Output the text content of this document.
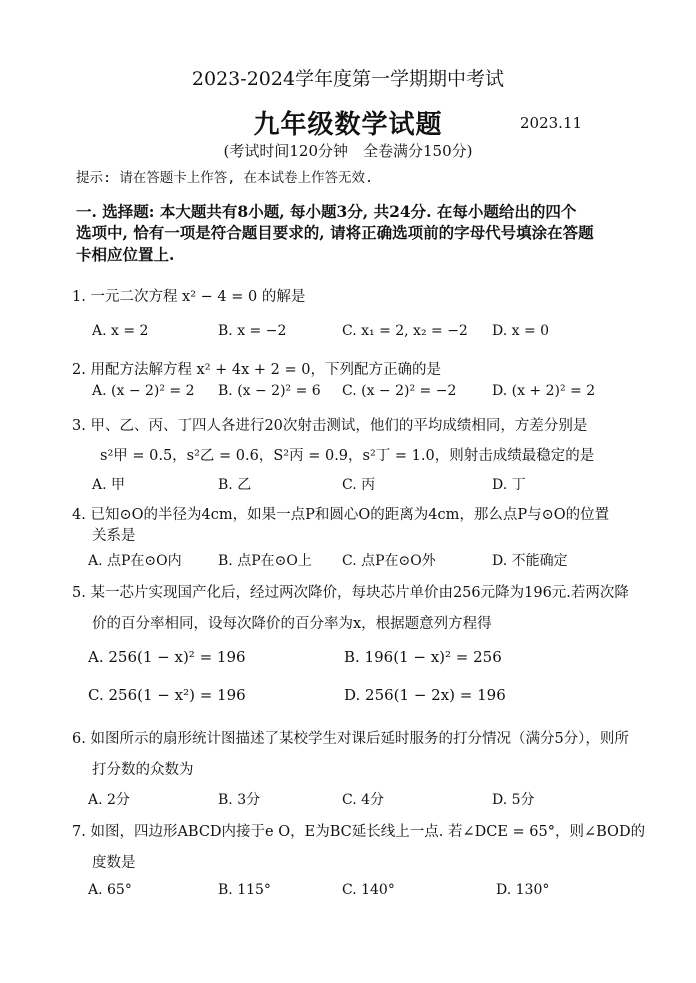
2023-2024学年度第一学期期中考试
九年级数学试题	2023.11
(考试时间120分钟　全卷满分150分)
提示: 请在答题卡上作答, 在本试卷上作答无效.
一. 选择题: 本大题共有8小题, 每小题3分, 共24分. 在每小题给出的四个
选项中, 恰有一项是符合题目要求的, 请将正确选项前的字母代号填涂在答题
卡相应位置上.
1. 一元二次方程 x² − 4 = 0 的解是
A. x = 2	B. x = −2	C. x₁ = 2, x₂ = −2 D. x = 0
2. 用配方法解方程 x² + 4x + 2 = 0，下列配方正确的是
A. (x − 2)² = 2 B. (x − 2)² = 6 C. (x − 2)² = −2	D. (x + 2)² = 2
3. 甲、乙、丙、丁四人各进行20次射击测试，他们的平均成绩相同，方差分别是
s²甲 = 0.5，s²乙 = 0.6，S²丙 = 0.9，s²丁 = 1.0，则射击成绩最稳定的是
A. 甲	B. 乙	C. 丙	D. 丁
4. 已知⊙O的半径为4cm，如果一点P和圆心O的距离为4cm，那么点P与⊙O的位置
关系是
A. 点P在⊙O内	B. 点P在⊙O上 C. 点P在⊙O外	D. 不能确定
5. 某一芯片实现国产化后，经过两次降价，每块芯片单价由256元降为196元.若两次降
价的百分率相同，设每次降价的百分率为x，根据题意列方程得
A. 256(1 − x)² = 196	B. 196(1 − x)² = 256
C. 256(1 − x²) = 196	D. 256(1 − 2x) = 196
6. 如图所示的扇形统计图描述了某校学生对课后延时服务的打分情况（满分5分），则所
打分数的众数为
A. 2分	B. 3分	C. 4分	D. 5分
7. 如图，四边形ABCD内接于e O，E为BC延长线上一点. 若∠DCE = 65°，则∠BOD的
度数是
A. 65°	B. 115°	C. 140°	D. 130°
